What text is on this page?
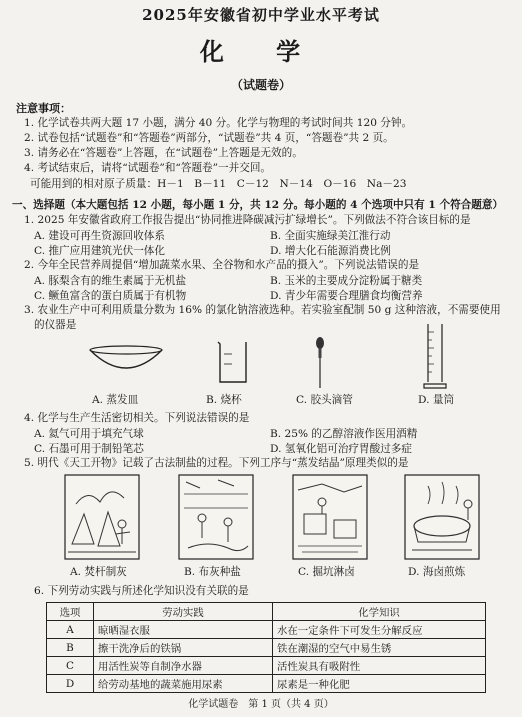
2025年安徽省初中学业水平考试
化 学
（试题卷）
注意事项：
1. 化学试卷共两大题 17 小题，满分 40 分。化学与物理的考试时间共 120 分钟。
2. 试卷包括“试题卷”和“答题卷”两部分，“试题卷”共 4 页，“答题卷”共 2 页。
3. 请务必在“答题卷”上答题，在“试题卷”上答题是无效的。
4. 考试结束后，请将“试题卷”和“答题卷”一并交回。
可能用到的相对原子质量：H－1　B－11　C－12　N－14　O－16　Na－23
一、选择题（本大题包括 12 小题，每小题 1 分，共 12 分。每小题的 4 个选项中只有 1 个符合题意）
1. 2025 年安徽省政府工作报告提出“协同推进降碳减污扩绿增长”。下列做法不符合该目标的是
A. 建设可再生资源回收体系	B. 全面实施绿美江淮行动
C. 推广应用建筑光伏一体化	D. 增大化石能源消费比例
2. 今年全民营养周提倡“增加蔬菜水果、全谷物和水产品的摄入”。下列说法错误的是
A. 豚梨含有的维生素属于无机盐	B. 玉米的主要成分淀粉属于糖类
C. 鳜鱼富含的蛋白质属于有机物	D. 青少年需要合理膳食均衡营养
3. 农业生产中可利用质量分数为 16% 的氯化钠溶液选种。若实验室配制 50 g 这种溶液，不需要使用
的仪器是
A. 蒸发皿	B. 烧杯	C. 胶头滴管	D. 量筒
4. 化学与生产生活密切相关。下列说法错误的是
A. 氦气可用于填充气球	B. 25% 的乙醇溶液作医用酒精
C. 石墨可用于制铅笔芯	D. 氢氧化铝可治疗胃酸过多症
5. 明代《天工开物》记载了古法制盐的过程。下列工序与“蒸发结晶”原理类似的是
A. 焚杆制灰	B. 布灰种盐	C. 掘坑淋卤	D. 海卤煎炼
6. 下列劳动实践与所述化学知识没有关联的是
选项	劳动实践	化学知识
A	晾晒湿衣服	水在一定条件下可发生分解反应
B	擦干洗净后的铁锅	铁在潮湿的空气中易生锈
C	用活性炭等自制净水器	活性炭具有吸附性
D	给劳动基地的蔬菜施用尿素	尿素是一种化肥
化学试题卷　第 1 页（共 4 页）
